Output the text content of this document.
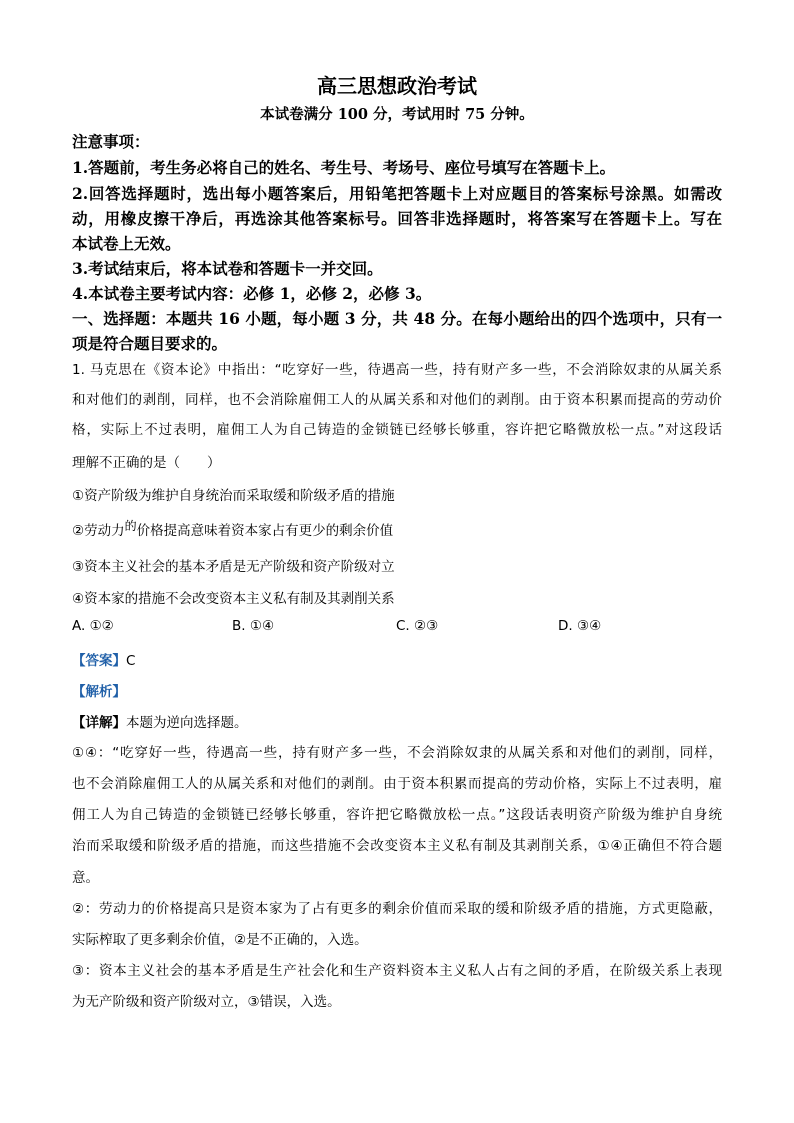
高三思想政治考试
本试卷满分 100 分，考试用时 75 分钟。
注意事项：
1.答题前，考生务必将自己的姓名、考生号、考场号、座位号填写在答题卡上。
2.回答选择题时，选出每小题答案后，用铅笔把答题卡上对应题目的答案标号涂黑。如需改
动，用橡皮擦干净后，再选涂其他答案标号。回答非选择题时，将答案写在答题卡上。写在
本试卷上无效。
3.考试结束后，将本试卷和答题卡一并交回。
4.本试卷主要考试内容：必修 1，必修 2，必修 3。
一、选择题：本题共 16 小题，每小题 3 分，共 48 分。在每小题给出的四个选项中，只有一
项是符合题目要求的。
1. 马克思在《资本论》中指出：“吃穿好一些，待遇高一些，持有财产多一些，不会消除奴隶的从属关系
和对他们的剥削，同样，也不会消除雇佣工人的从属关系和对他们的剥削。由于资本积累而提高的劳动价
格，实际上不过表明，雇佣工人为自己铸造的金锁链已经够长够重，容许把它略微放松一点。”对这段话
理解不正确的是（　　）
①资产阶级为维护自身统治而采取缓和阶级矛盾的措施
②劳动力的价格提高意味着资本家占有更少的剩余价值
③资本主义社会的基本矛盾是无产阶级和资产阶级对立
④资本家的措施不会改变资本主义私有制及其剥削关系
A. ①②	B. ①④	C. ②③	D. ③④
【答案】C
【解析】
【详解】本题为逆向选择题。
①④：“吃穿好一些，待遇高一些，持有财产多一些，不会消除奴隶的从属关系和对他们的剥削，同样，
也不会消除雇佣工人的从属关系和对他们的剥削。由于资本积累而提高的劳动价格，实际上不过表明，雇
佣工人为自己铸造的金锁链已经够长够重，容许把它略微放松一点。”这段话表明资产阶级为维护自身统
治而采取缓和阶级矛盾的措施，而这些措施不会改变资本主义私有制及其剥削关系，①④正确但不符合题
意。
②：劳动力的价格提高只是资本家为了占有更多的剩余价值而采取的缓和阶级矛盾的措施，方式更隐蔽，
实际榨取了更多剩余价值，②是不正确的，入选。
③：资本主义社会的基本矛盾是生产社会化和生产资料资本主义私人占有之间的矛盾，在阶级关系上表现
为无产阶级和资产阶级对立，③错误，入选。
